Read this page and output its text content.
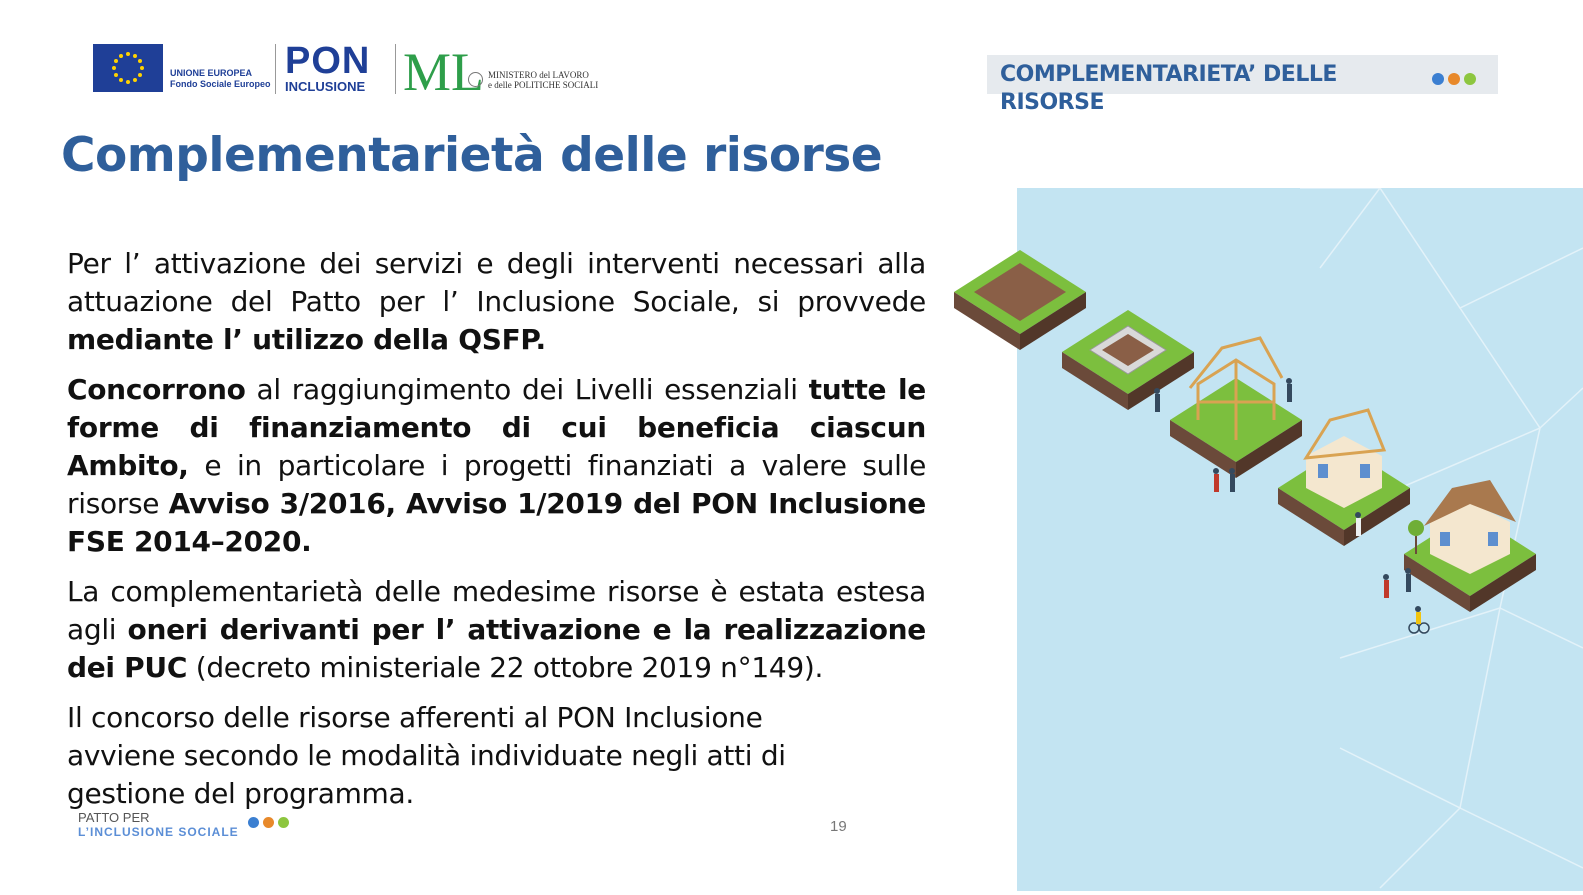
UNIONE EUROPEA
Fondo Sociale Europeo
PON
INCLUSIONE ML MINISTERO del LAVORO
e delle POLITICHE SOCIALI	COMPLEMENTARIETA’ DELLE RISORSE

Complementarietà delle risorse

Per l’ attivazione dei servizi e degli interventi necessari alla attuazione del Patto per l’ Inclusione Sociale, si provvede mediante l’ utilizzo della QSFP.

Concorrono al raggiungimento dei Livelli essenziali tutte le forme di finanziamento di cui beneficia ciascun Ambito, e in particolare i progetti finanziati a valere sulle risorse Avviso 3/2016, Avviso 1/2019 del PON Inclusione FSE 2014–2020.

La complementarietà delle medesime risorse è estata estesa agli oneri derivanti per l’ attivazione e la realizzazione dei PUC (decreto ministeriale 22 ottobre 2019 n°149).

Il concorso delle risorse afferenti al PON Inclusione avviene secondo le modalità individuate negli atti di gestione del programma.

PATTO PER
L’INCLUSIONE SOCIALE
	19
